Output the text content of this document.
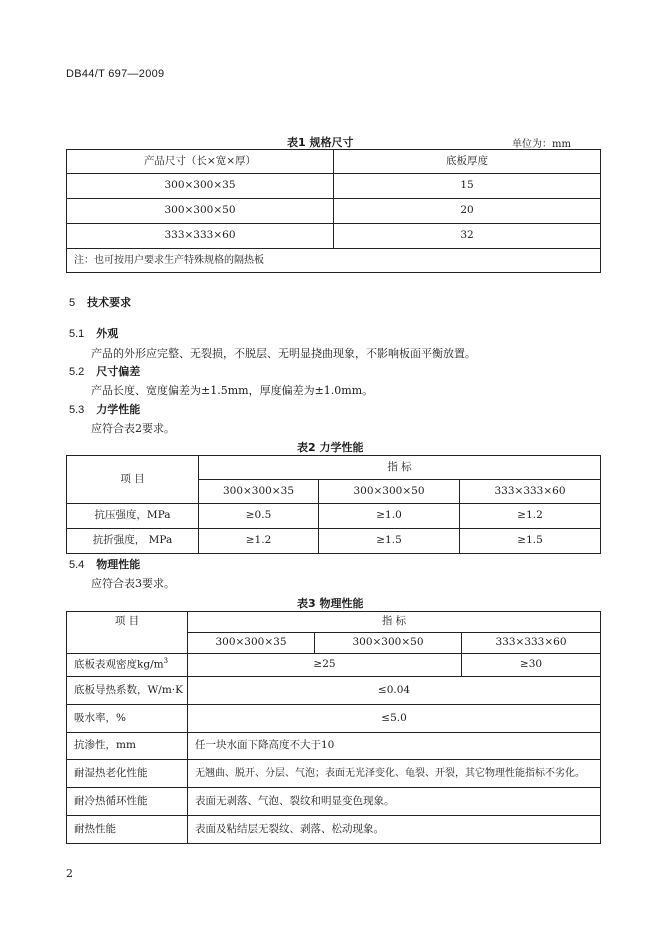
DB44/T 697—2009
表1 规格尺寸	单位为：mm
产品尺寸（长×宽×厚）	底板厚度
300×300×35	15
300×300×50	20
333×333×60	32
注：也可按用户要求生产特殊规格的隔热板	
5 技术要求
5.1 外观
产品的外形应完整、无裂损，不脱层、无明显挠曲现象，不影响板面平衡放置。
5.2 尺寸偏差
产品长度、宽度偏差为±1.5mm，厚度偏差为±1.0mm。
5.3 力学性能
应符合表2要求。
表2 力学性能
项 目	指 标		
	300×300×35	300×300×50	333×333×60
抗压强度，MPa	≥0.5	≥1.0	≥1.2
抗折强度， MPa	≥1.2	≥1.5	≥1.5
5.4 物理性能
应符合表3要求。
表3 物理性能
项 目	指 标		
	300×300×35	300×300×50	333×333×60
底板表观密度$kg/m^3$	≥25		≥30
底板导热系数，W/m·K	≤0.04		
吸水率，%	≤5.0		
抗渗性，mm	任一块水面下降高度不大于10		
耐湿热老化性能	无翘曲、脱开、分层、气泡；表面无光泽变化、龟裂、开裂，其它物理性能指标不劣化。		
耐冷热循环性能	表面无剥落、气泡、裂纹和明显变色现象。		
耐热性能	表面及粘结层无裂纹、剥落、松动现象。		
2
